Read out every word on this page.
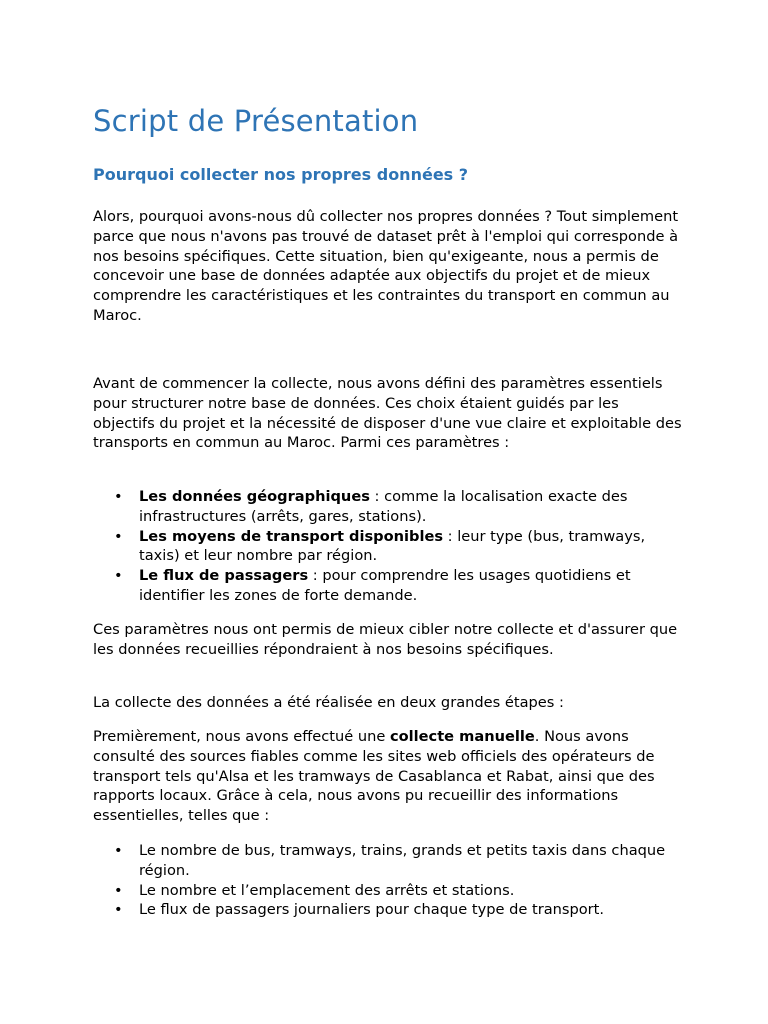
Script de Présentation
Pourquoi collecter nos propres données ?

Alors, pourquoi avons-nous dû collecter nos propres données ? Tout simplement parce que nous n'avons pas trouvé de dataset prêt à l'emploi qui corresponde à nos besoins spécifiques. Cette situation, bien qu'exigeante, nous a permis de concevoir une base de données adaptée aux objectifs du projet et de mieux comprendre les caractéristiques et les contraintes du transport en commun au Maroc.

Avant de commencer la collecte, nous avons défini des paramètres essentiels pour structurer notre base de données. Ces choix étaient guidés par les objectifs du projet et la nécessité de disposer d'une vue claire et exploitable des transports en commun au Maroc. Parmi ces paramètres :

• Les données géographiques : comme la localisation exacte des infrastructures (arrêts, gares, stations).
• Les moyens de transport disponibles : leur type (bus, tramways, taxis) et leur nombre par région.
• Le flux de passagers : pour comprendre les usages quotidiens et identifier les zones de forte demande.

Ces paramètres nous ont permis de mieux cibler notre collecte et d'assurer que les données recueillies répondraient à nos besoins spécifiques.

La collecte des données a été réalisée en deux grandes étapes :

Premièrement, nous avons effectué une collecte manuelle. Nous avons consulté des sources fiables comme les sites web officiels des opérateurs de transport tels qu'Alsa et les tramways de Casablanca et Rabat, ainsi que des rapports locaux. Grâce à cela, nous avons pu recueillir des informations essentielles, telles que :

• Le nombre de bus, tramways, trains, grands et petits taxis dans chaque région.
• Le nombre et l’emplacement des arrêts et stations.
• Le flux de passagers journaliers pour chaque type de transport.
